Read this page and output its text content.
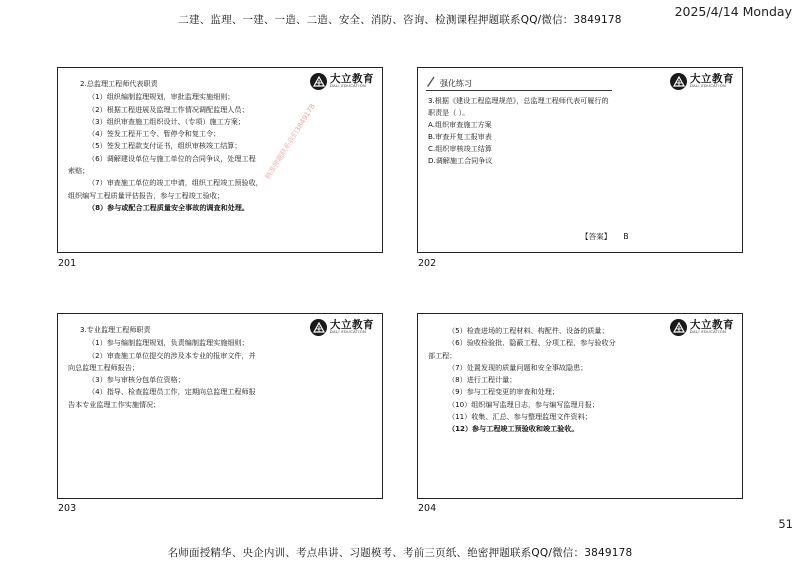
二建、监理、一建、一造、二造、安全、消防、咨询、检测课程押题联系QQ/微信：3849178
2025/4/14 Monday
大立教育
DALI EDUCATION
2.总监理工程师代表职责
（1）组织编制监理规划，审批监理实施细则；
（2）根据工程进展及监理工作情况调配监理人员；
（3）组织审查施工组织设计、（专项）施工方案；
（4）签发工程开工令、暂停令和复工令；
（5）签发工程款支付证书，组织审核竣工结算；
（6）调解建设单位与施工单位的合同争议，处理工程
索赔；
（7）审查施工单位的竣工申请，组织工程竣工预验收，
组织编写工程质量评估报告，参与工程竣工验收；
（8）参与或配合工程质量安全事故的调查和处理。
精准押题联系我们3849178
201
大立教育
DALI EDUCATION
强化练习
3.根据《建设工程监理规范》，总监理工程师代表可履行的
职责是（ ）。
A.组织审查施工方案
B.审查开复工报审表
C.组织审核竣工结算
D.调解施工合同争议
【答案】 B
202
大立教育
DALI EDUCATION
3.专业监理工程师职责
（1）参与编制监理规划，负责编制监理实施细则；
（2）审查施工单位提交的涉及本专业的报审文件，并
向总监理工程师报告；
（3）参与审核分包单位资格；
（4）指导、检查监理员工作，定期向总监理工程师报
告本专业监理工作实施情况；
203
大立教育
DALI EDUCATION
（5）检查进场的工程材料、构配件、设备的质量；
（6）验收检验批、隐蔽工程、分项工程，参与验收分
部工程；
（7）处置发现的质量问题和安全事故隐患；
（8）进行工程计量；
（9）参与工程变更的审查和处理；
（10）组织编写监理日志，参与编写监理月报；
（11）收集、汇总、参与整理监理文件资料；
（12）参与工程竣工预验收和竣工验收。
204
51
名师面授精华、央企内训、考点串讲、习题模考、考前三页纸、绝密押题联系QQ/微信：3849178
